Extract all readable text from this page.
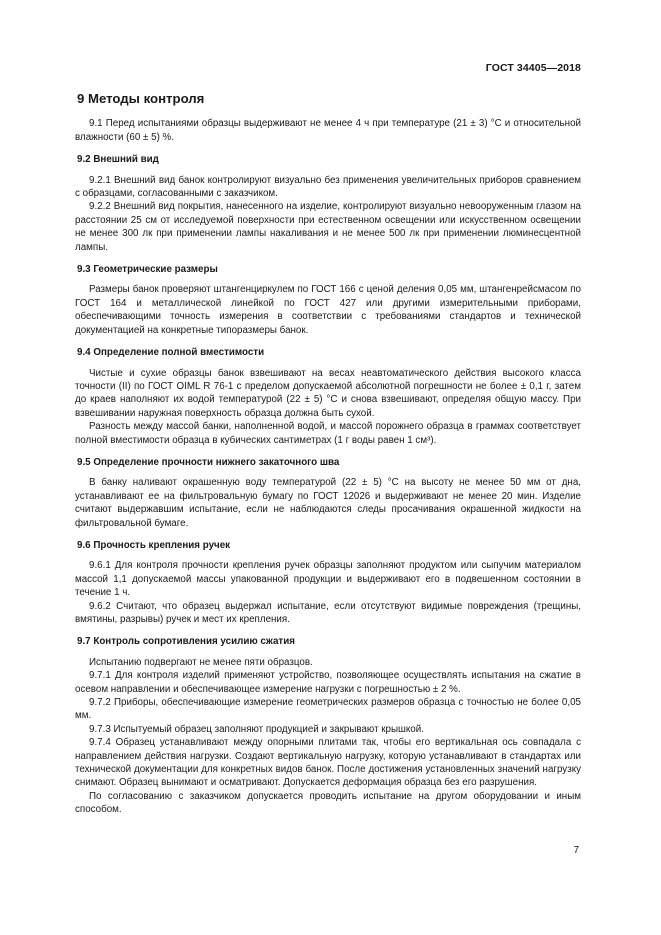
ГОСТ 34405—2018
9 Методы контроля

9.1 Перед испытаниями образцы выдерживают не менее 4 ч при температуре (21 ± 3) °С и относительной влажности (60 ± 5) %.

9.2 Внешний вид

9.2.1 Внешний вид банок контролируют визуально без применения увеличительных приборов сравнением с образцами, согласованными с заказчиком.

9.2.2 Внешний вид покрытия, нанесенного на изделие, контролируют визуально невооруженным глазом на расстоянии 25 см от исследуемой поверхности при естественном освещении или искусственном освещении не менее 300 лк при применении лампы накаливания и не менее 500 лк при применении люминесцентной лампы.

9.3 Геометрические размеры

Размеры банок проверяют штангенциркулем по ГОСТ 166 с ценой деления 0,05 мм, штангенрейсмасом по ГОСТ 164 и металлической линейкой по ГОСТ 427 или другими измерительными приборами, обеспечивающими точность измерения в соответствии с требованиями стандартов и технической документацией на конкретные типоразмеры банок.

9.4 Определение полной вместимости

Чистые и сухие образцы банок взвешивают на весах неавтоматического действия высокого класса точности (II) по ГОСТ OIML R 76-1 с пределом допускаемой абсолютной погрешности не более ± 0,1 г, затем до краев наполняют их водой температурой (22 ± 5) °С и снова взвешивают, определяя общую массу. При взвешивании наружная поверхность образца должна быть сухой.

Разность между массой банки, наполненной водой, и массой порожнего образца в граммах соответствует полной вместимости образца в кубических сантиметрах (1 г воды равен 1 см³).

9.5 Определение прочности нижнего закаточного шва

В банку наливают окрашенную воду температурой (22 ± 5) °C на высоту не менее 50 мм от дна, устанавливают ее на фильтровальную бумагу по ГОСТ 12026 и выдерживают не менее 20 мин. Изделие считают выдержавшим испытание, если не наблюдаются следы просачивания окрашенной жидкости на фильтровальной бумаге.

9.6 Прочность крепления ручек

9.6.1 Для контроля прочности крепления ручек образцы заполняют продуктом или сыпучим материалом массой 1,1 допускаемой массы упакованной продукции и выдерживают его в подвешенном состоянии в течение 1 ч.

9.6.2 Считают, что образец выдержал испытание, если отсутствуют видимые повреждения (трещины, вмятины, разрывы) ручек и мест их крепления.

9.7 Контроль сопротивления усилию сжатия

Испытанию подвергают не менее пяти образцов.

9.7.1 Для контроля изделий применяют устройство, позволяющее осуществлять испытания на сжатие в осевом направлении и обеспечивающее измерение нагрузки с погрешностью ± 2 %.

9.7.2 Приборы, обеспечивающие измерение геометрических размеров образца с точностью не более 0,05 мм.

9.7.3 Испытуемый образец заполняют продукцией и закрывают крышкой.

9.7.4 Образец устанавливают между опорными плитами так, чтобы его вертикальная ось совпадала с направлением действия нагрузки. Создают вертикальную нагрузку, которую устанавливают в стандартах или технической документации для конкретных видов банок. После достижения установленных значений нагрузку снимают. Образец вынимают и осматривают. Допускается деформация образца без его разрушения.

По согласованию с заказчиком допускается проводить испытание на другом оборудовании и иным способом.

7
